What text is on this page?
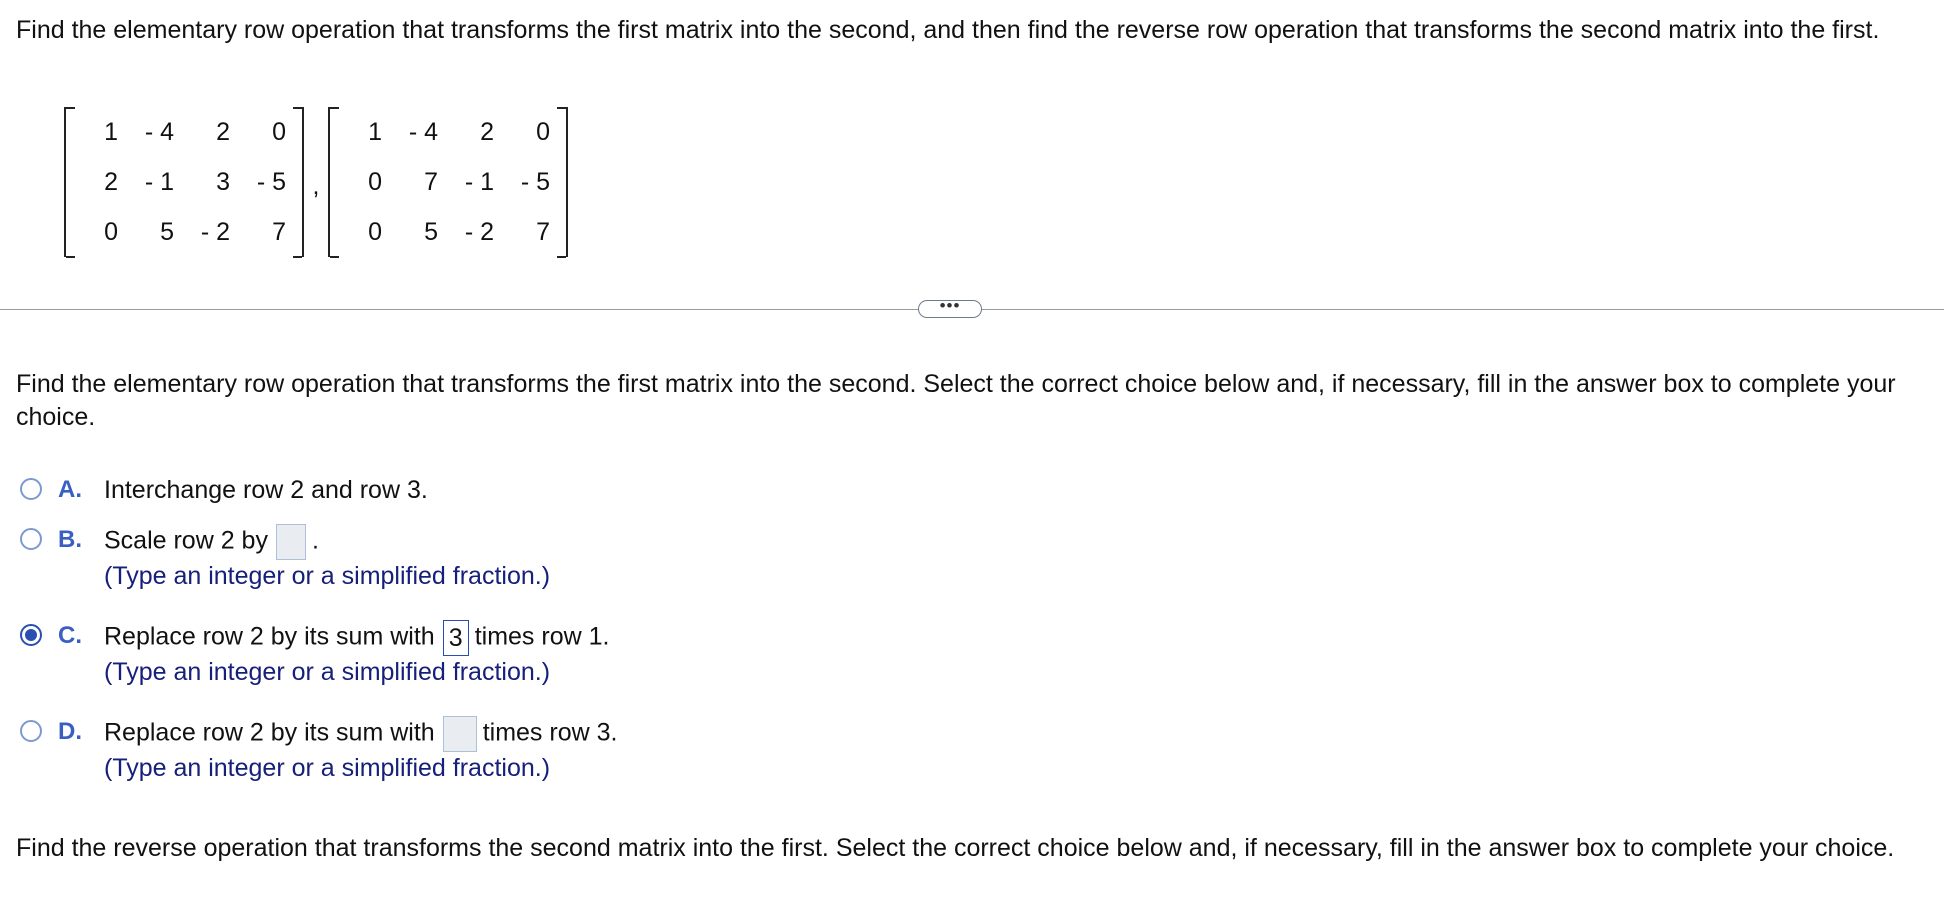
Find the elementary row operation that transforms the first matrix into the second, and then find the reverse row operation that transforms the second matrix into the first.

1	- 4	2	0
2	- 1	3	- 5
0	5	- 2	7
,
1	- 4	2	0
0	7	- 1	- 5
0	5	- 2	7
•••

Find the elementary row operation that transforms the first matrix into the second. Select the correct choice below and, if necessary, fill in the answer box to complete your choice.

A. Interchange row 2 and row 3.
B. Scale row 2 by .
(Type an integer or a simplified fraction.)
C. Replace row 2 by its sum with 3 times row 1.
(Type an integer or a simplified fraction.)
D. Replace row 2 by its sum with times row 3.
(Type an integer or a simplified fraction.)

Find the reverse operation that transforms the second matrix into the first. Select the correct choice below and, if necessary, fill in the answer box to complete your choice.
